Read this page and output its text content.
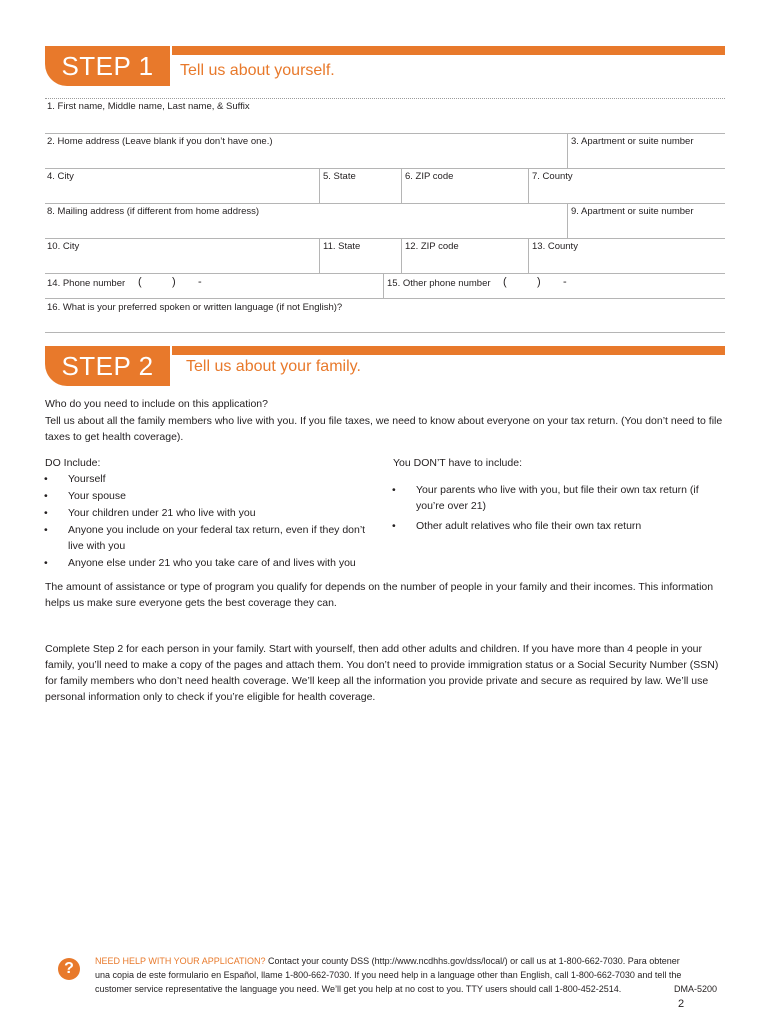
STEP 1	Tell us about yourself.
1. First name, Middle name, Last name, & Suffix
2. Home address (Leave blank if you don’t have one.)	3. Apartment or suite number
4. City	5. State	6. ZIP code	7. County
8. Mailing address (if different from home address)	9. Apartment or suite number
10. City	11. State	12. ZIP code	13. County
14. Phone number (	) -	15. Other phone number (	) -
16. What is your preferred spoken or written language (if not English)?
STEP 2	Tell us about your family.
Who do you need to include on this application?
Tell us about all the family members who live with you. If you file taxes, we need to know about everyone on your tax return. (You don’t need to file taxes to get health coverage).
DO Include:
• Yourself
• Your spouse
• Your children under 21 who live with you
• Anyone you include on your federal tax return, even if they don’t live with you
• Anyone else under 21 who you take care of and lives with you
You DON’T have to include:
• Your parents who live with you, but file their own tax return (if you’re over 21)
• Other adult relatives who file their own tax return
The amount of assistance or type of program you qualify for depends on the number of people in your family and their incomes. This information helps us make sure everyone gets the best coverage they can.
Complete Step 2 for each person in your family. Start with yourself, then add other adults and children. If you have more than 4 people in your family, you’ll need to make a copy of the pages and attach them. You don’t need to provide immigration status or a Social Security Number (SSN) for family members who don’t need health coverage. We’ll keep all the information you provide private and secure as required by law. We’ll use personal information only to check if you’re eligible for health coverage.
?	NEED HELP WITH YOUR APPLICATION? Contact your county DSS (http://www.ncdhhs.gov/dss/local/) or call us at 1-800-662-7030. Para obtener
una copia de este formulario en Español, llame 1-800-662-7030. If you need help in a language other than English, call 1-800-662-7030 and tell the
customer service representative the language you need. We’ll get you help at no cost to you. TTY users should call 1-800-452-2514.	DMA-5200
2
